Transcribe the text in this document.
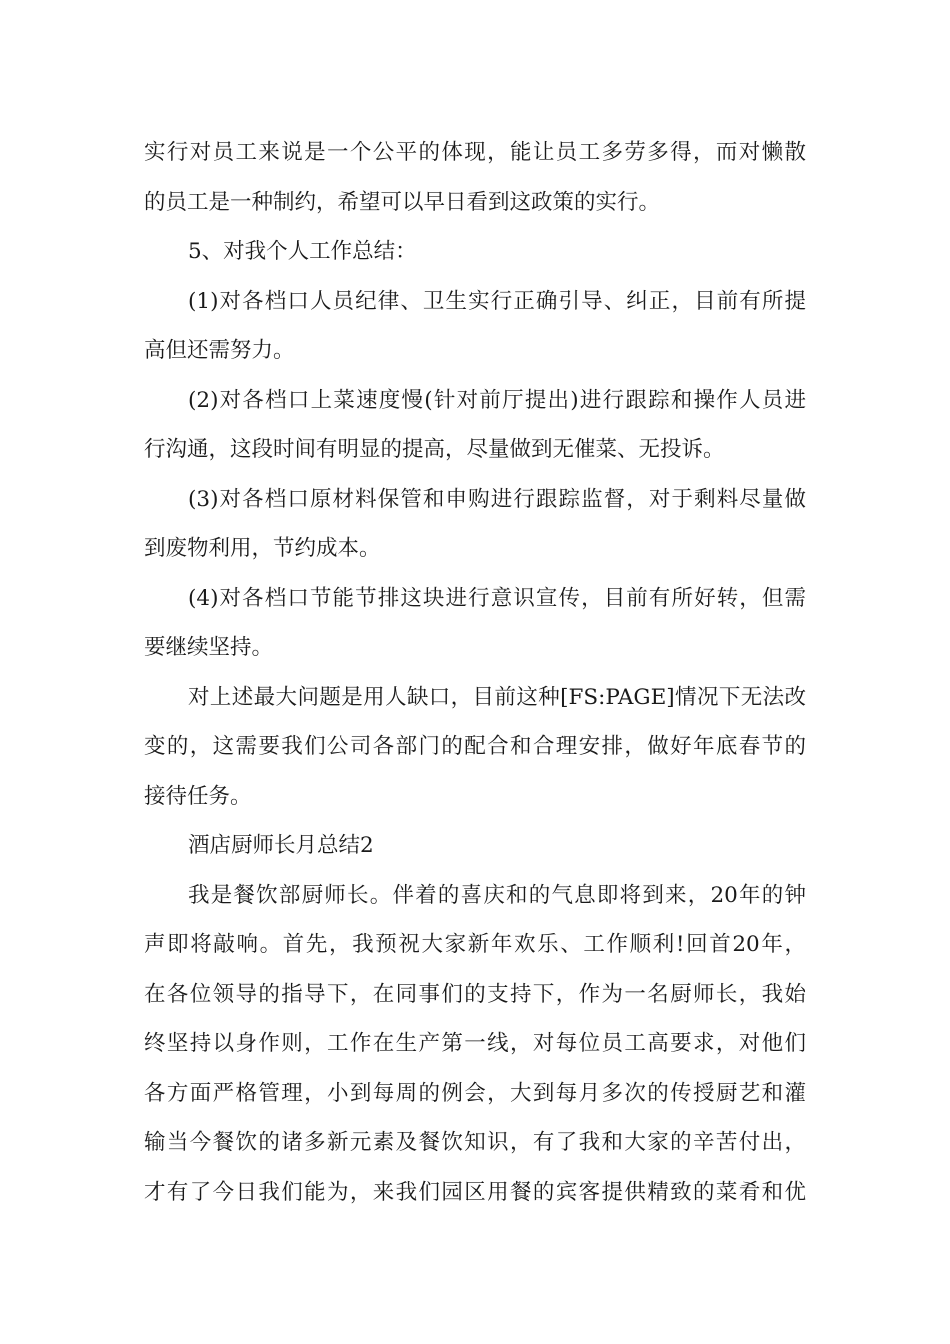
实行对员工来说是一个公平的体现，能让员工多劳多得，而对懒散
的员工是一种制约，希望可以早日看到这政策的实行。
5、对我个人工作总结：
(1)对各档口人员纪律、卫生实行正确引导、纠正，目前有所提
高但还需努力。
(2)对各档口上菜速度慢(针对前厅提出)进行跟踪和操作人员进
行沟通，这段时间有明显的提高，尽量做到无催菜、无投诉。
(3)对各档口原材料保管和申购进行跟踪监督，对于剩料尽量做
到废物利用，节约成本。
(4)对各档口节能节排这块进行意识宣传，目前有所好转，但需
要继续坚持。
对上述最大问题是用人缺口，目前这种[FS:PAGE]情况下无法改
变的，这需要我们公司各部门的配合和合理安排，做好年底春节的
接待任务。
酒店厨师长月总结2
我是餐饮部厨师长。伴着的喜庆和的气息即将到来，20年的钟
声即将敲响。首先，我预祝大家新年欢乐、工作顺利!回首20年，
在各位领导的指导下，在同事们的支持下，作为一名厨师长，我始
终坚持以身作则，工作在生产第一线，对每位员工高要求，对他们
各方面严格管理，小到每周的例会，大到每月多次的传授厨艺和灌
输当今餐饮的诸多新元素及餐饮知识，有了我和大家的辛苦付出，
才有了今日我们能为，来我们园区用餐的宾客提供精致的菜肴和优
